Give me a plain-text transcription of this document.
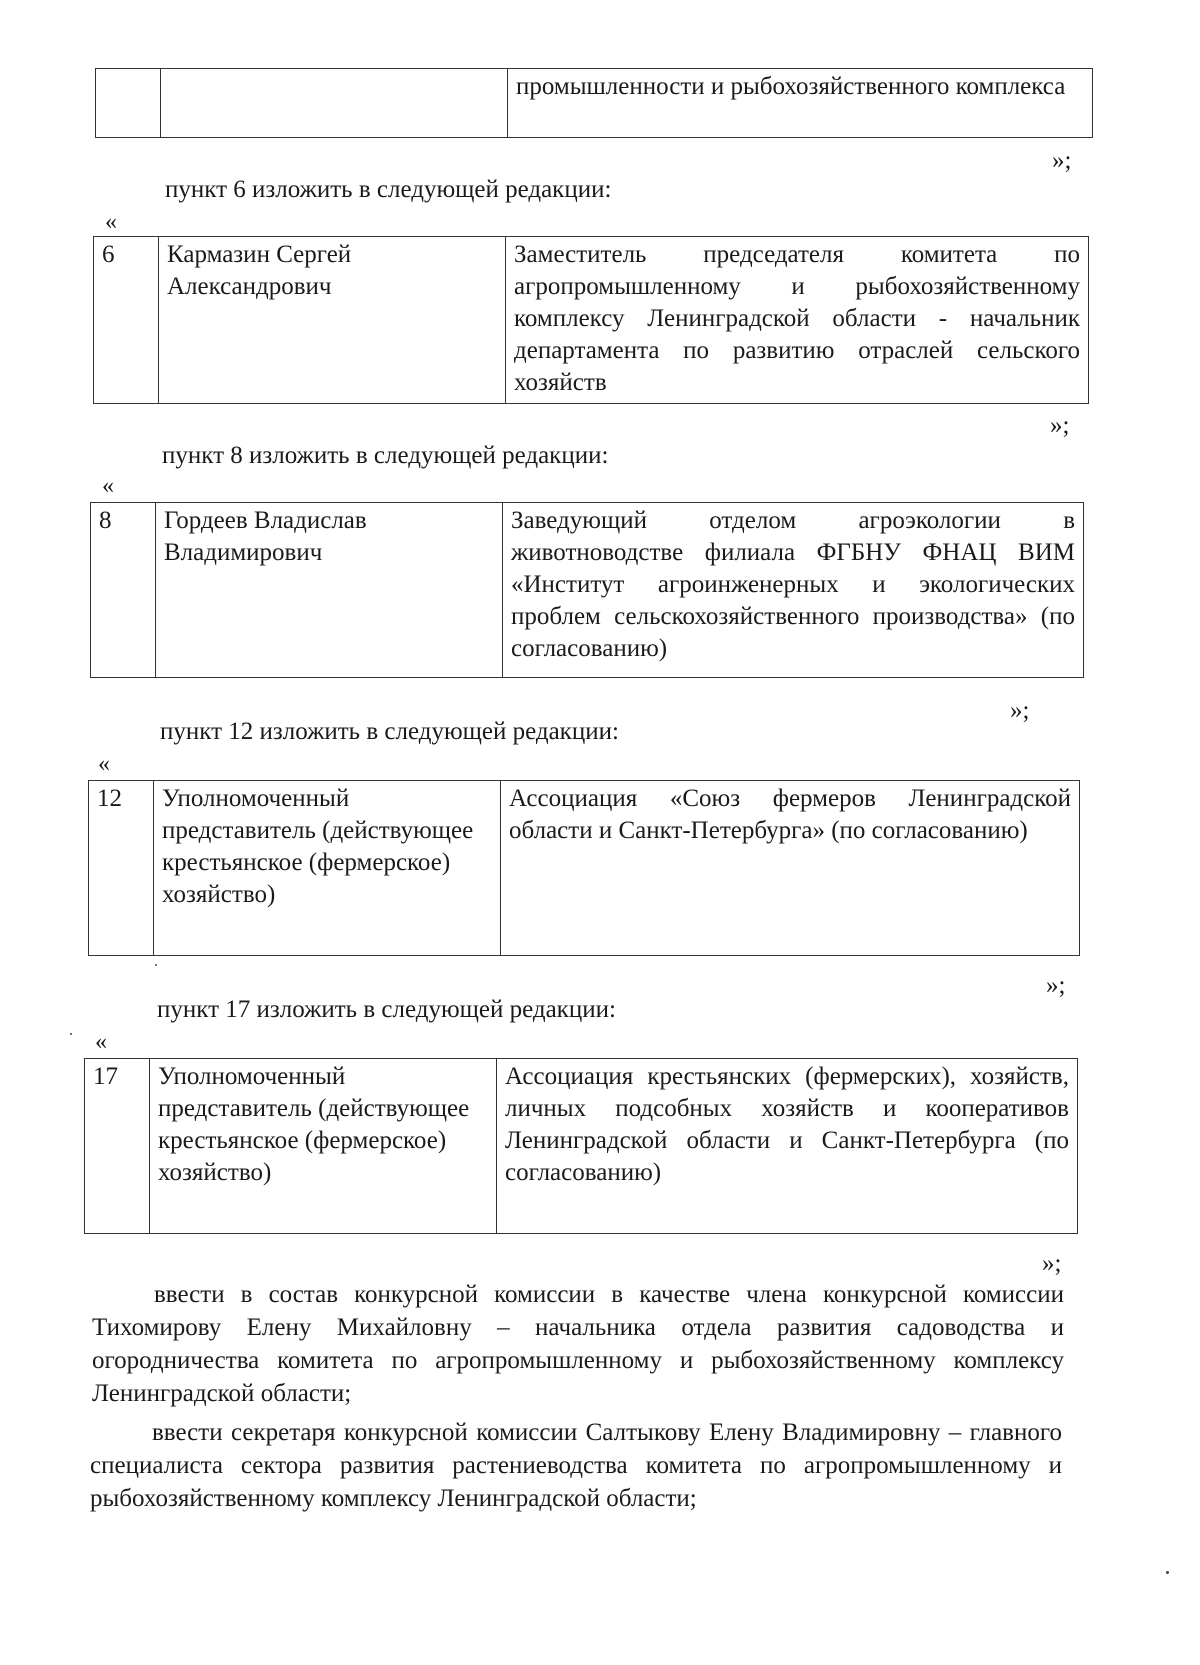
		промышленности и рыбохозяйственного комплекса
»;
пункт 6 изложить в следующей редакции:
«
6	Кармазин Сергей Александрович	Заместитель председателя комитета по агропромышленному и рыбохозяйственному комплексу Ленинградской области - начальник департамента по развитию отраслей сельского хозяйств
»;
пункт 8 изложить в следующей редакции:
«
8	Гордеев Владислав Владимирович	Заведующий отделом агроэкологии в животноводстве филиала ФГБНУ ФНАЦ ВИМ «Институт агроинженерных и экологических проблем сельскохозяйственного производства» (по согласованию)
»;
пункт 12 изложить в следующей редакции:
«
12	Уполномоченный представитель (действующее крестьянское (фермерское) хозяйство)	Ассоциация «Союз фермеров Ленинградской области и Санкт-Петербурга» (по согласованию)
»;
пункт 17 изложить в следующей редакции:
«
17	Уполномоченный представитель (действующее крестьянское (фермерское) хозяйство)	Ассоциация крестьянских (фермерских), хозяйств, личных подсобных хозяйств и кооперативов Ленинградской области и Санкт-Петербурга (по согласованию)
»;
ввести в состав конкурсной комиссии в качестве члена конкурсной комиссии Тихомирову Елену Михайловну – начальника отдела развития садоводства и огородничества комитета по агропромышленному и рыбохозяйственному комплексу Ленинградской области;
ввести секретаря конкурсной комиссии Салтыкову Елену Владимировну – главного специалиста сектора развития растениеводства комитета по агропромышленному и рыбохозяйственному комплексу Ленинградской области;
